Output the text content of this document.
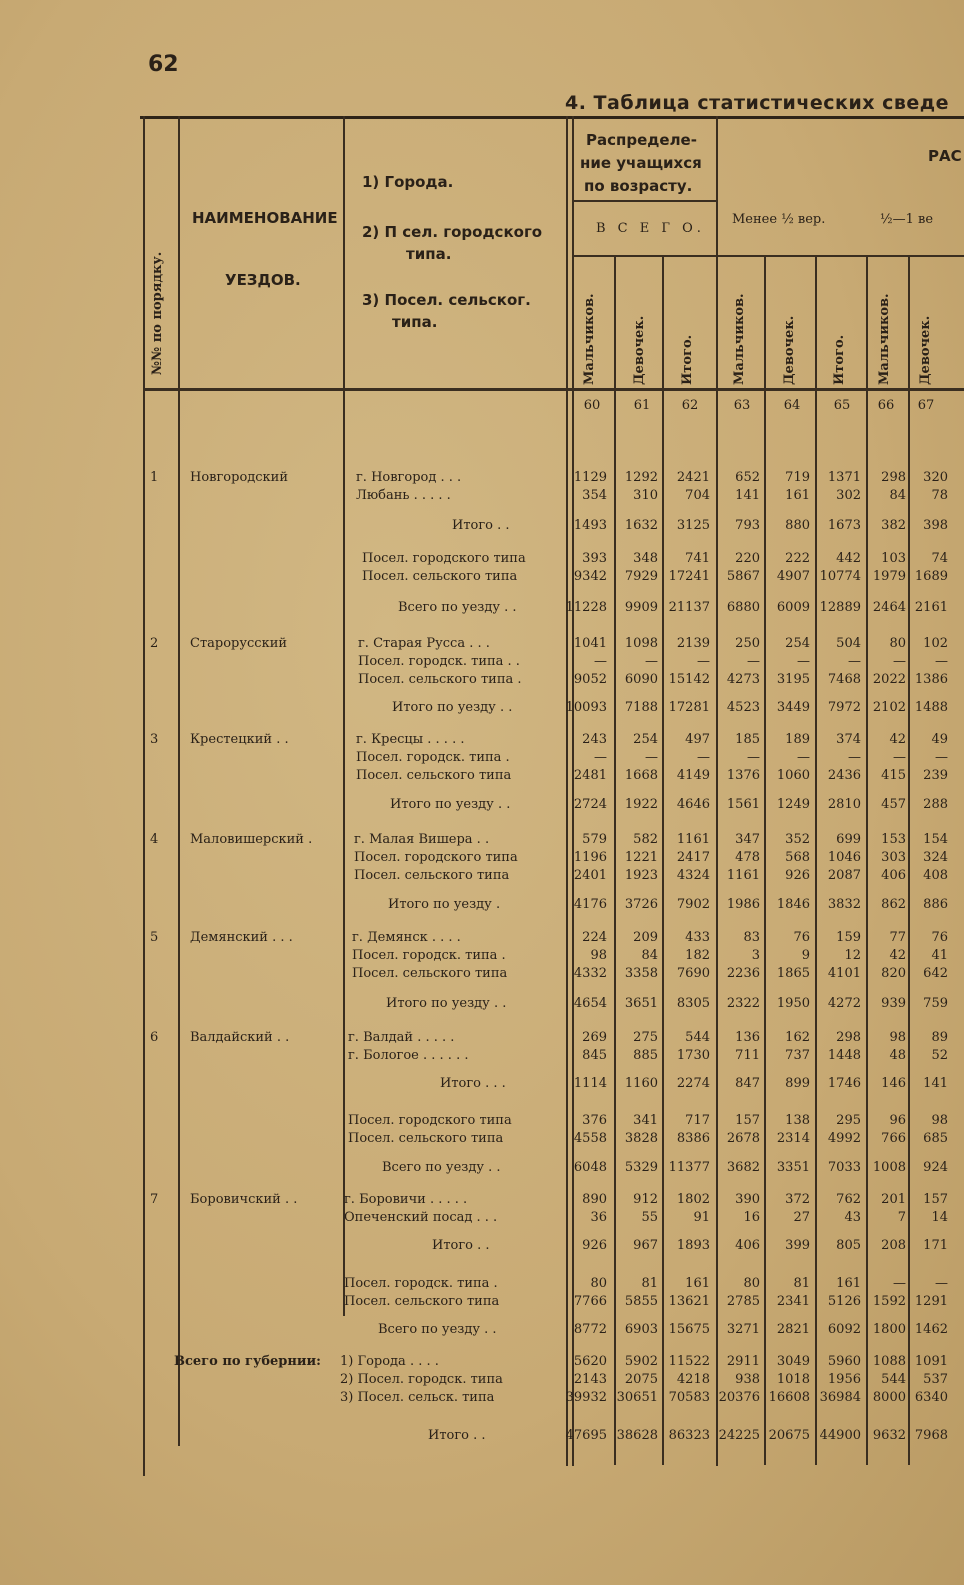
62
4. Таблица статистических сведе
№№ по порядку.
НАИМЕНОВАНИЕ
УЕЗДОВ.
1) Города.
2) П сел. городского
типа.
3) Посел. сельског.
типа.
Распределе-
ние учащихся
по возрасту.
В С Е Г О.
Менее ½ вер.	½—1 ве
РАС
Мальчиков.	Девочек.	Итого.	Мальчиков.	Девочек.	Итого. Мальчиков. Девочек.
60	61	62	63	64	65	66	67
1 Новгородский	г. Новгород . . .	1129 1292 2421 652 719 1371 298 320
Любань . . . . .	354 310 704 141 161 302 84 78
Итого . .	1493 1632 3125 793 880 1673 382 398
Посел. городского типа	393 348 741 220 222 442 103 74
Посел. сельского типа	9342 7929 17241 5867 4907 10774 1979 1689
Всего по уезду . .	11228 9909 21137 6880 6009 12889 2464 2161
2 Старорусский	г. Старая Русса . . .	1041 1098 2139 250 254 504 80 102
Посел. городск. типа . .	—	—	—	—	—	— — —
Посел. сельского типа .	9052 6090 15142 4273 3195 7468 2022 1386
Итого по уезду . .	10093 7188 17281 4523 3449 7972 2102 1488
3 Крестецкий . .	г. Кресцы . . . . .	243 254 497 185 189 374 42 49
Посел. городск. типа .	—	—	—	—	—	— — —
Посел. сельского типа	2481 1668 4149 1376 1060 2436 415 239
Итого по уезду . .	2724 1922 4646 1561 1249 2810 457 288
4 Маловишерский .	г. Малая Вишера . .	579 582 1161 347 352 699 153 154
Посел. городского типа	1196 1221 2417 478 568 1046 303 324
Посел. сельского типа	2401 1923 4324 1161 926 2087 406 408
Итого по уезду .	4176 3726 7902 1986 1846 3832 862 886
5 Демянский . . .	г. Демянск . . . .	224 209 433	83	76 159 77 76
Посел. городск. типа .	98	84 182	3	9	12 42 41
Посел. сельского типа	4332 3358 7690 2236 1865 4101 820 642
Итого по уезду . .	4654 3651 8305 2322 1950 4272 939 759
6 Валдайский . .	г. Валдай . . . . .	269 275 544 136 162 298 98 89
г. Бологое . . . . . .	845 885 1730 711 737 1448 48 52
Итого . . .	1114 1160 2274 847 899 1746 146 141
Посел. городского типа	376 341 717 157 138 295 96 98
Посел. сельского типа	4558 3828 8386 2678 2314 4992 766 685
Всего по уезду . .	6048 5329 11377 3682 3351 7033 1008 924
7 Боровичский . .	г. Боровичи . . . . .	890 912 1802 390 372 762 201 157
Опеченский посад . . .	36	55	91	16	27	43	7 14
Итого . .	926 967 1893 406 399 805 208 171
Посел. городск. типа .	80	81 161	80	81 161 — —
Посел. сельского типа	7766 5855 13621 2785 2341 5126 1592 1291
Всего по уезду . .	8772 6903 15675 3271 2821 6092 1800 1462
Всего по губернии: 1) Города . . . .	5620 5902 11522 2911 3049 5960 1088 1091
2) Посел. городск. типа	2143 2075 4218 938 1018 1956 544 537
3) Посел. сельск. типа	39932 30651 70583 20376 16608 36984 8000 6340
Итого . .	47695 38628 86323 24225 20675 44900 9632 7968
